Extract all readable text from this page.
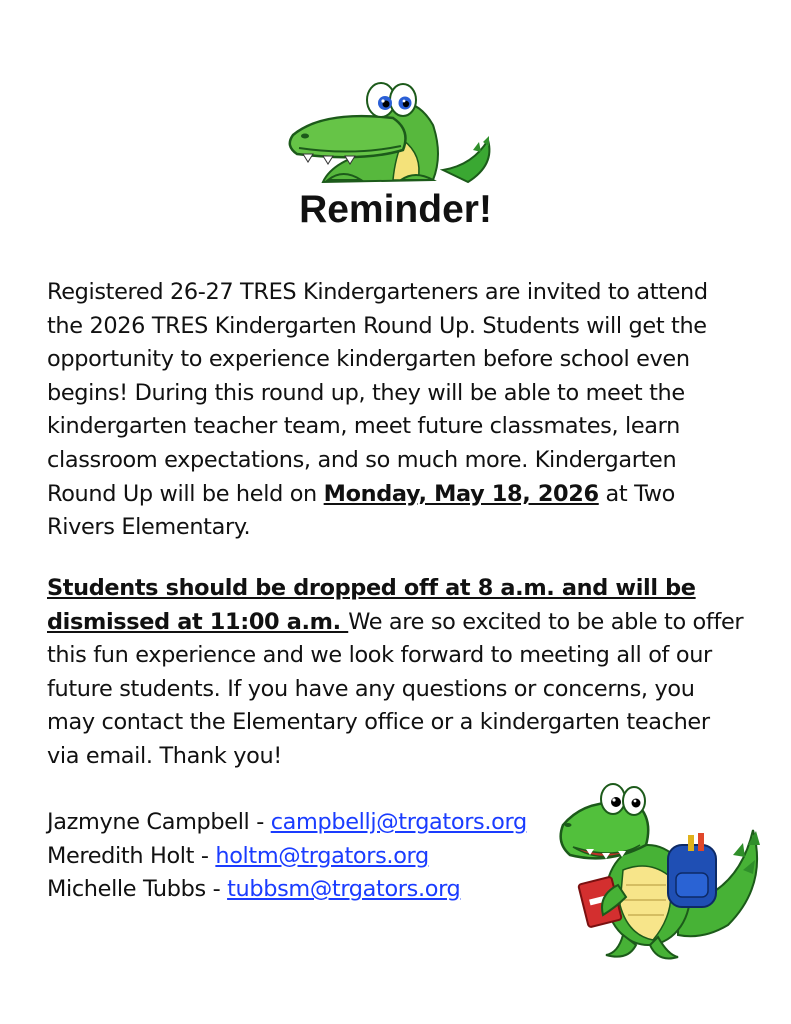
Reminder!

Registered 26-27 TRES Kindergarteners are invited to attend the 2026 TRES Kindergarten Round Up. Students will get the opportunity to experience kindergarten before school even begins! During this round up, they will be able to meet the kindergarten teacher team, meet future classmates, learn classroom expectations, and so much more. Kindergarten Round Up will be held on Monday, May 18, 2026 at Two Rivers Elementary.

Students should be dropped off at 8 a.m. and will be dismissed at 11:00 a.m. We are so excited to be able to offer this fun experience and we look forward to meeting all of our future students. If you have any questions or concerns, you may contact the Elementary office or a kindergarten teacher via email. Thank you!

Jazmyne Campbell - campbellj@trgators.org
Meredith Holt - holtm@trgators.org
Michelle Tubbs - tubbsm@trgators.org
